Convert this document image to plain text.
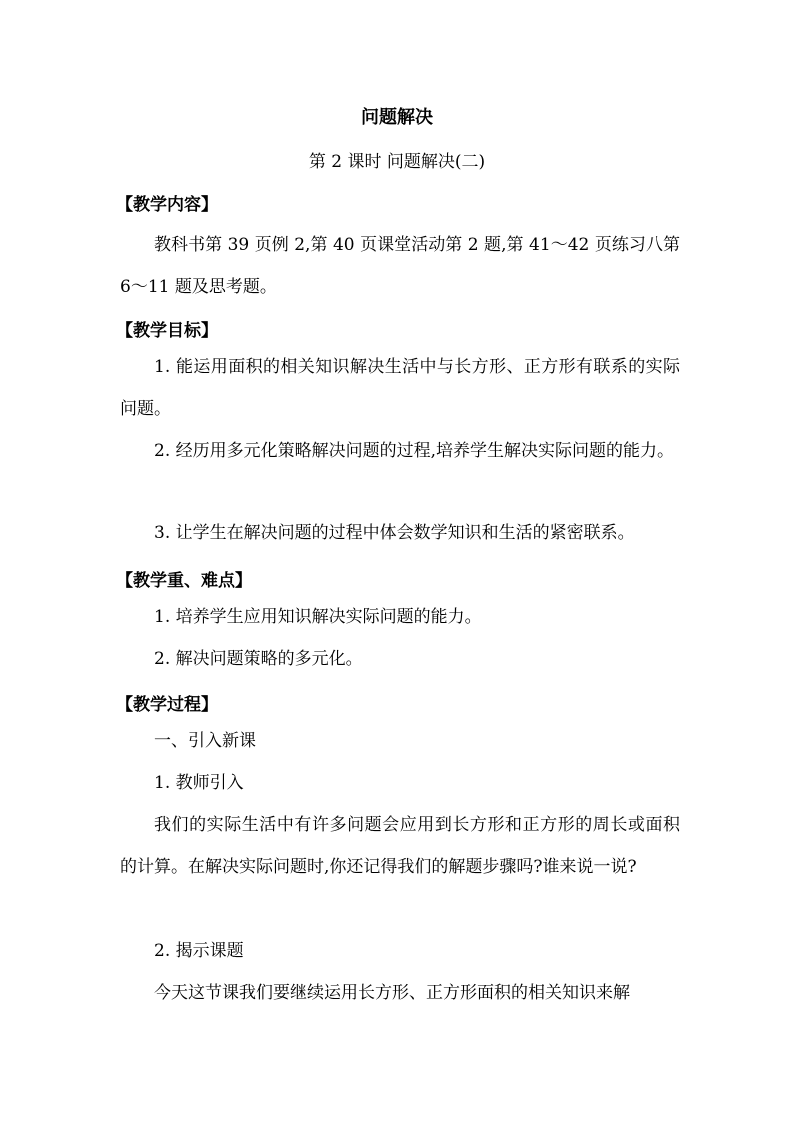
问题解决
第 2 课时 问题解决(二)
【教学内容】
教科书第 39 页例 2,第 40 页课堂活动第 2 题,第 41～42 页练习八第 6～11 题及思考题。
【教学目标】
1. 能运用面积的相关知识解决生活中与长方形、正方形有联系的实际问题。
2. 经历用多元化策略解决问题的过程,培养学生解决实际问题的能力。
3. 让学生在解决问题的过程中体会数学知识和生活的紧密联系。
【教学重、难点】
1. 培养学生应用知识解决实际问题的能力。
2. 解决问题策略的多元化。
【教学过程】
一、引入新课
1. 教师引入
我们的实际生活中有许多问题会应用到长方形和正方形的周长或面积的计算。在解决实际问题时,你还记得我们的解题步骤吗?谁来说一说?
2. 揭示课题
今天这节课我们要继续运用长方形、正方形面积的相关知识来解
